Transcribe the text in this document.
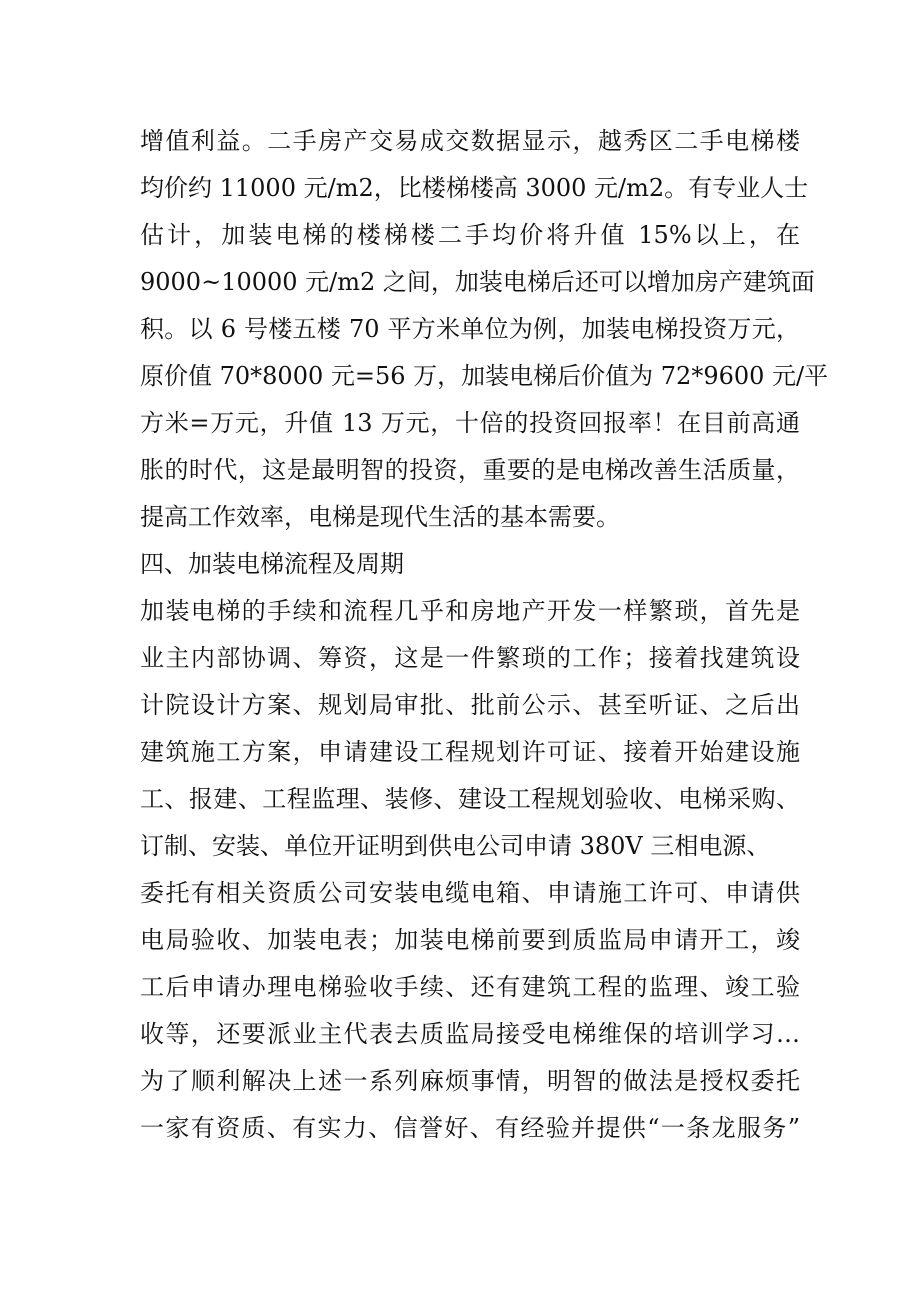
增值利益。二手房产交易成交数据显示，越秀区二手电梯楼
均价约 11000 元/m2，比楼梯楼高 3000 元/m2。有专业人士
估计，加装电梯的楼梯楼二手均价将升值 15%以上，在
9000~10000 元/m2 之间，加装电梯后还可以增加房产建筑面
积。以 6 号楼五楼 70 平方米单位为例，加装电梯投资万元，
原价值 70*8000 元=56 万，加装电梯后价值为 72*9600 元/平
方米=万元，升值 13 万元，十倍的投资回报率！在目前高通
胀的时代，这是最明智的投资，重要的是电梯改善生活质量，
提高工作效率，电梯是现代生活的基本需要。
四、加装电梯流程及周期
加装电梯的手续和流程几乎和房地产开发一样繁琐，首先是
业主内部协调、筹资，这是一件繁琐的工作；接着找建筑设
计院设计方案、规划局审批、批前公示、甚至听证、之后出
建筑施工方案，申请建设工程规划许可证、接着开始建设施
工、报建、工程监理、装修、建设工程规划验收、电梯采购、
订制、安装、单位开证明到供电公司申请 380V 三相电源、
委托有相关资质公司安装电缆电箱、申请施工许可、申请供
电局验收、加装电表；加装电梯前要到质监局申请开工，竣
工后申请办理电梯验收手续、还有建筑工程的监理、竣工验
收等，还要派业主代表去质监局接受电梯维保的培训学习…
为了顺利解决上述一系列麻烦事情，明智的做法是授权委托
一家有资质、有实力、信誉好、有经验并提供“一条龙服务”
